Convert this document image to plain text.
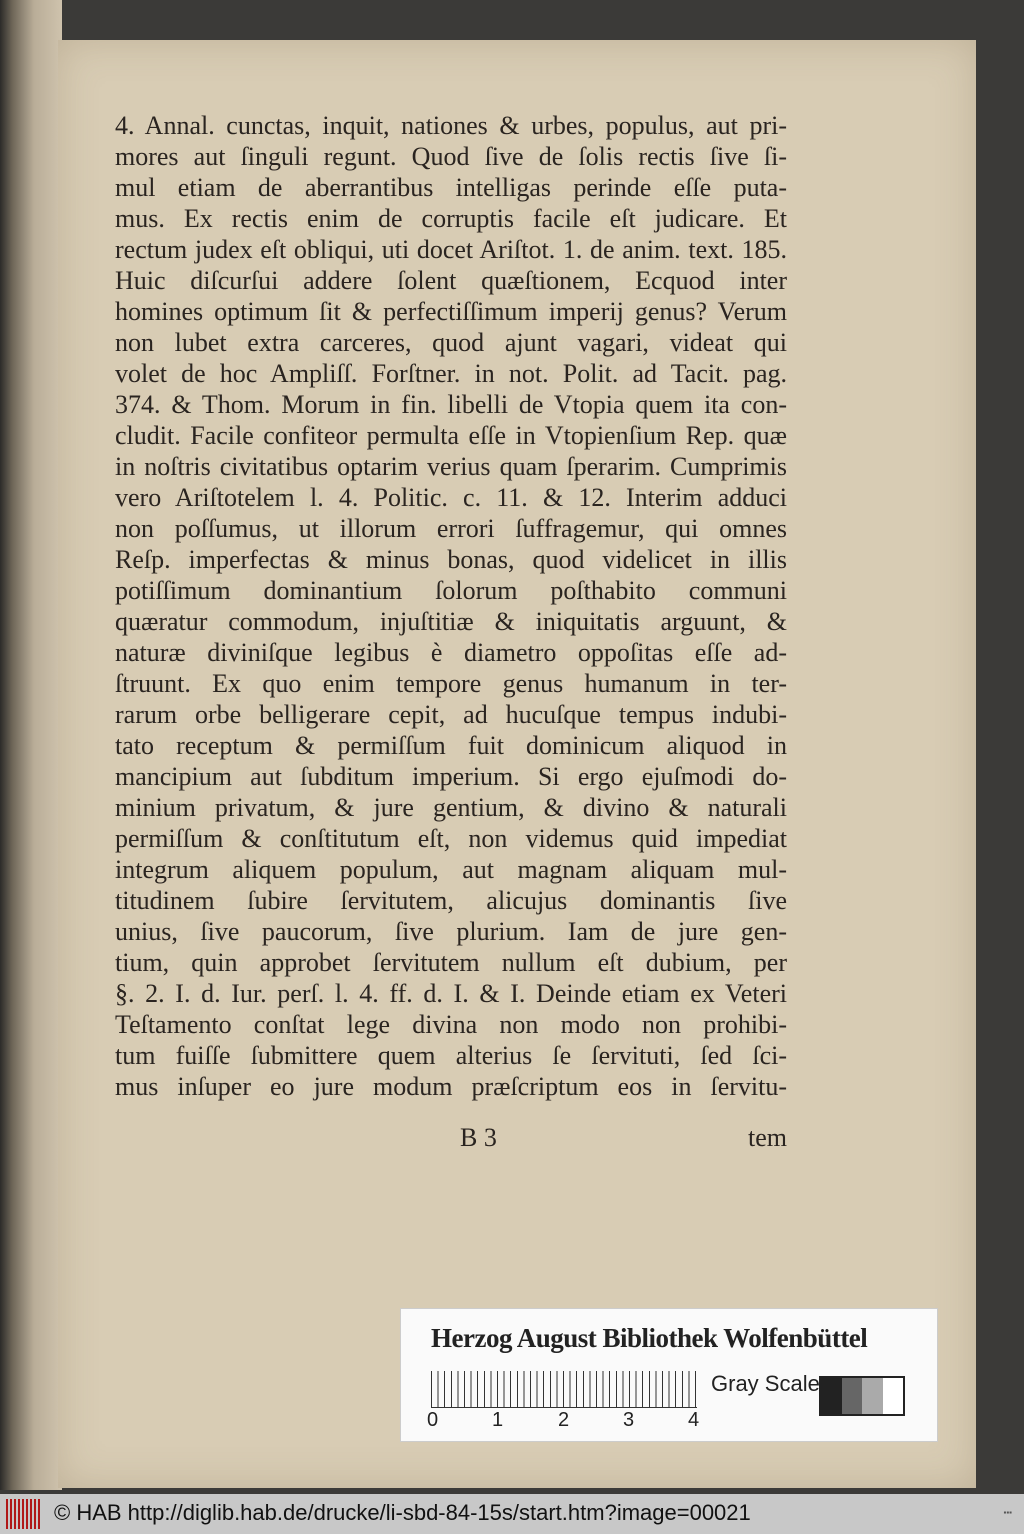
4. Annal. cunctas, inquit, nationes & urbes, populus, aut pri-
mores aut ſinguli regunt. Quod ſive de ſolis rectis ſive ſi-
mul etiam de aberrantibus intelligas perinde eſſe puta-
mus. Ex rectis enim de corruptis facile eſt judicare. Et
rectum judex eſt obliqui, uti docet Ariſtot. 1. de anim. text. 185.
Huic diſcurſui addere ſolent quæſtionem, Ecquod inter
homines optimum ſit & perfectiſſimum imperij genus? Verum
non lubet extra carceres, quod ajunt vagari, videat qui
volet de hoc Ampliſſ. Forſtner. in not. Polit. ad Tacit. pag.
374. & Thom. Morum in fin. libelli de Vtopia quem ita con-
cludit. Facile confiteor permulta eſſe in Vtopienſium Rep. quæ
in noſtris civitatibus optarim verius quam ſperarim. Cumprimis
vero Ariſtotelem l. 4. Politic. c. 11. & 12. Interim adduci
non poſſumus, ut illorum errori ſuffragemur, qui omnes
Reſp. imperfectas & minus bonas, quod videlicet in illis
potiſſimum dominantium ſolorum poſthabito communi
quæratur commodum, injuſtitiæ & iniquitatis arguunt, &
naturæ diviniſque legibus è diametro oppoſitas eſſe ad-
ſtruunt. Ex quo enim tempore genus humanum in ter-
rarum orbe belligerare cepit, ad hucuſque tempus indubi-
tato receptum & permiſſum fuit dominicum aliquod in
mancipium aut ſubditum imperium. Si ergo ejuſmodi do-
minium privatum, & jure gentium, & divino & naturali
permiſſum & conſtitutum eſt, non videmus quid impediat
integrum aliquem populum, aut magnam aliquam mul-
titudinem ſubire ſervitutem, alicujus dominantis ſive
unius, ſive paucorum, ſive plurium. Iam de jure gen-
tium, quin approbet ſervitutem nullum eſt dubium, per
§. 2. I. d. Iur. perſ. l. 4. ff. d. I. & I. Deinde etiam ex Veteri
Teſtamento conſtat lege divina non modo non prohibi-
tum fuiſſe ſubmittere quem alterius ſe ſervituti, ſed ſci-
mus inſuper eo jure modum præſcriptum eos in ſervitu-
B 3	tem
Herzog August Bibliothek Wolfenbüttel
0	1	2	3	4
Gray Scale
© HAB http://diglib.hab.de/drucke/li-sbd-84-15s/start.htm?image=00021	▪▪▪
